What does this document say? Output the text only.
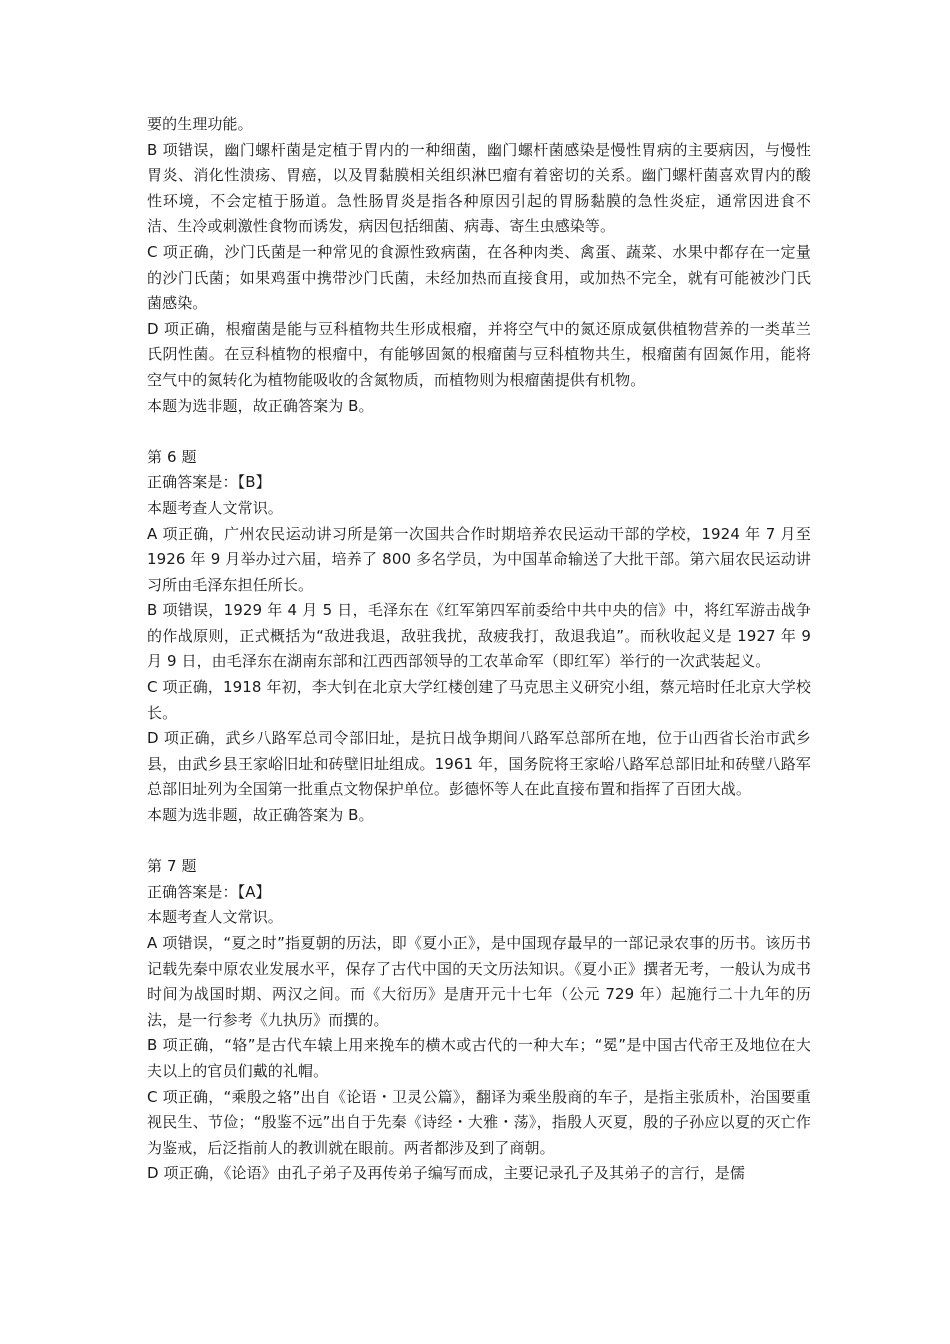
要的生理功能。

B 项错误，幽门螺杆菌是定植于胃内的一种细菌，幽门螺杆菌感染是慢性胃病的主要病因，与慢性胃炎、消化性溃疡、胃癌，以及胃黏膜相关组织淋巴瘤有着密切的关系。幽门螺杆菌喜欢胃内的酸性环境，不会定植于肠道。急性肠胃炎是指各种原因引起的胃肠黏膜的急性炎症，通常因进食不洁、生冷或刺激性食物而诱发，病因包括细菌、病毒、寄生虫感染等。

C 项正确，沙门氏菌是一种常见的食源性致病菌，在各种肉类、禽蛋、蔬菜、水果中都存在一定量的沙门氏菌；如果鸡蛋中携带沙门氏菌，未经加热而直接食用，或加热不完全，就有可能被沙门氏菌感染。

D 项正确，根瘤菌是能与豆科植物共生形成根瘤，并将空气中的氮还原成氨供植物营养的一类革兰氏阴性菌。在豆科植物的根瘤中，有能够固氮的根瘤菌与豆科植物共生，根瘤菌有固氮作用，能将空气中的氮转化为植物能吸收的含氮物质，而植物则为根瘤菌提供有机物。

本题为选非题，故正确答案为 B。

第 6 题

正确答案是：【B】

本题考查人文常识。

A 项正确，广州农民运动讲习所是第一次国共合作时期培养农民运动干部的学校，1924 年 7 月至 1926 年 9 月举办过六届，培养了 800 多名学员，为中国革命输送了大批干部。第六届农民运动讲习所由毛泽东担任所长。

B 项错误，1929 年 4 月 5 日，毛泽东在《红军第四军前委给中共中央的信》中，将红军游击战争的作战原则，正式概括为“敌进我退，敌驻我扰，敌疲我打，敌退我追”。而秋收起义是 1927 年 9 月 9 日，由毛泽东在湖南东部和江西西部领导的工农革命军（即红军）举行的一次武装起义。

C 项正确，1918 年初，李大钊在北京大学红楼创建了马克思主义研究小组，蔡元培时任北京大学校长。

D 项正确，武乡八路军总司令部旧址，是抗日战争期间八路军总部所在地，位于山西省长治市武乡县，由武乡县王家峪旧址和砖壁旧址组成。1961 年，国务院将王家峪八路军总部旧址和砖壁八路军总部旧址列为全国第一批重点文物保护单位。彭德怀等人在此直接布置和指挥了百团大战。

本题为选非题，故正确答案为 B。

第 7 题

正确答案是：【A】

本题考查人文常识。

A 项错误，“夏之时”指夏朝的历法，即《夏小正》，是中国现存最早的一部记录农事的历书。该历书记载先秦中原农业发展水平，保存了古代中国的天文历法知识。《夏小正》撰者无考，一般认为成书时间为战国时期、两汉之间。而《大衍历》是唐开元十七年（公元 729 年）起施行二十九年的历法，是一行参考《九执历》而撰的。

B 项正确，“辂”是古代车辕上用来挽车的横木或古代的一种大车；“冕”是中国古代帝王及地位在大夫以上的官员们戴的礼帽。

C 项正确，“乘殷之辂”出自《论语・卫灵公篇》，翻译为乘坐殷商的车子，是指主张质朴，治国要重视民生、节俭；“殷鉴不远”出自于先秦《诗经・大雅・荡》，指殷人灭夏，殷的子孙应以夏的灭亡作为鉴戒，后泛指前人的教训就在眼前。两者都涉及到了商朝。

D 项正确，《论语》由孔子弟子及再传弟子编写而成，主要记录孔子及其弟子的言行，是儒
